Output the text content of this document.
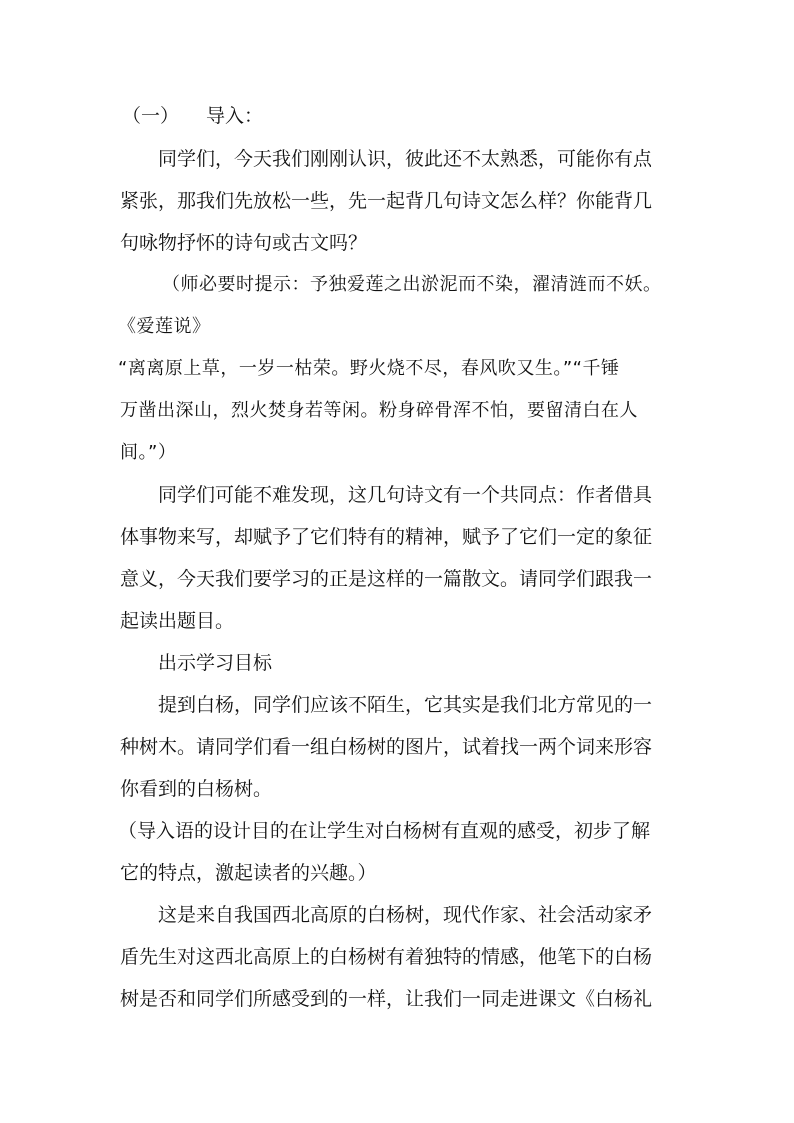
（一） 导入：
同学们，今天我们刚刚认识，彼此还不太熟悉，可能你有点
紧张，那我们先放松一些，先一起背几句诗文怎么样？你能背几
句咏物抒怀的诗句或古文吗？
（师必要时提示：予独爱莲之出淤泥而不染，濯清涟而不妖。
《爱莲说》
“离离原上草，一岁一枯荣。野火烧不尽，春风吹又生。”“千锤
万凿出深山，烈火焚身若等闲。粉身碎骨浑不怕，要留清白在人
间。”）
同学们可能不难发现，这几句诗文有一个共同点：作者借具
体事物来写，却赋予了它们特有的精神，赋予了它们一定的象征
意义，今天我们要学习的正是这样的一篇散文。请同学们跟我一
起读出题目。
出示学习目标
提到白杨，同学们应该不陌生，它其实是我们北方常见的一
种树木。请同学们看一组白杨树的图片，试着找一两个词来形容
你看到的白杨树。
（导入语的设计目的在让学生对白杨树有直观的感受，初步了解
它的特点，激起读者的兴趣。）
这是来自我国西北高原的白杨树，现代作家、社会活动家矛
盾先生对这西北高原上的白杨树有着独特的情感，他笔下的白杨
树是否和同学们所感受到的一样，让我们一同走进课文《白杨礼
